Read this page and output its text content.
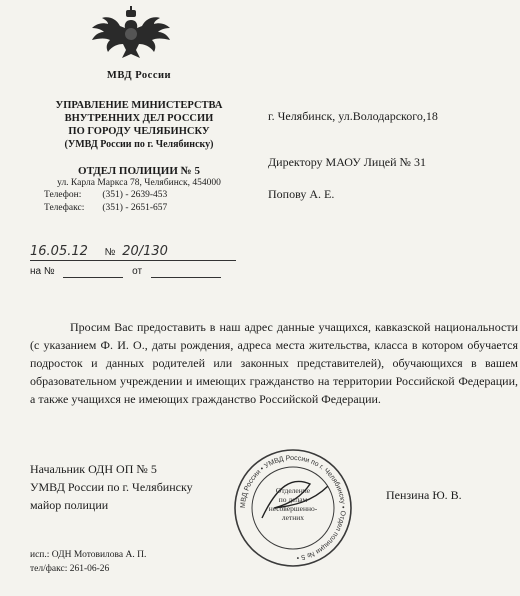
МВД России
УПРАВЛЕНИЕ МИНИСТЕРСТВА
ВНУТРЕННИХ ДЕЛ РОССИИ
ПО ГОРОДУ ЧЕЛЯБИНСКУ
(УМВД России по г. Челябинску)
ОТДЕЛ ПОЛИЦИИ № 5
ул. Карла Маркса 78, Челябинск, 454000
Телефон: (351) - 2639-453
Телефакс: (351) - 2651-657
16.05.12 № 20/130
на №	от
г. Челябинск, ул.Володарского,18
Директору МАОУ Лицей № 31
Попову А. Е.
Просим Вас предоставить в наш адрес данные учащихся, кавказской национальности (с указанием Ф. И. О., даты рождения, адреса места жительства, класса в котором обучается подросток и данных родителей или законных представителей), обучающихся в вашем образовательном учреждении и имеющих гражданство на территории Российской Федерации, а также учащихся не имеющих гражданство Российской Федерации.
Начальник ОДН ОП № 5
УМВД России по г. Челябинску
майор полиции
Пензина Ю. В.
МВД России • УМВД России по г. Челябинску • Отдел полиции № 5 •
Отделение
по делам
несовершенно-
летних
исп.: ОДН Мотовилова А. П.
тел/факс: 261-06-26
